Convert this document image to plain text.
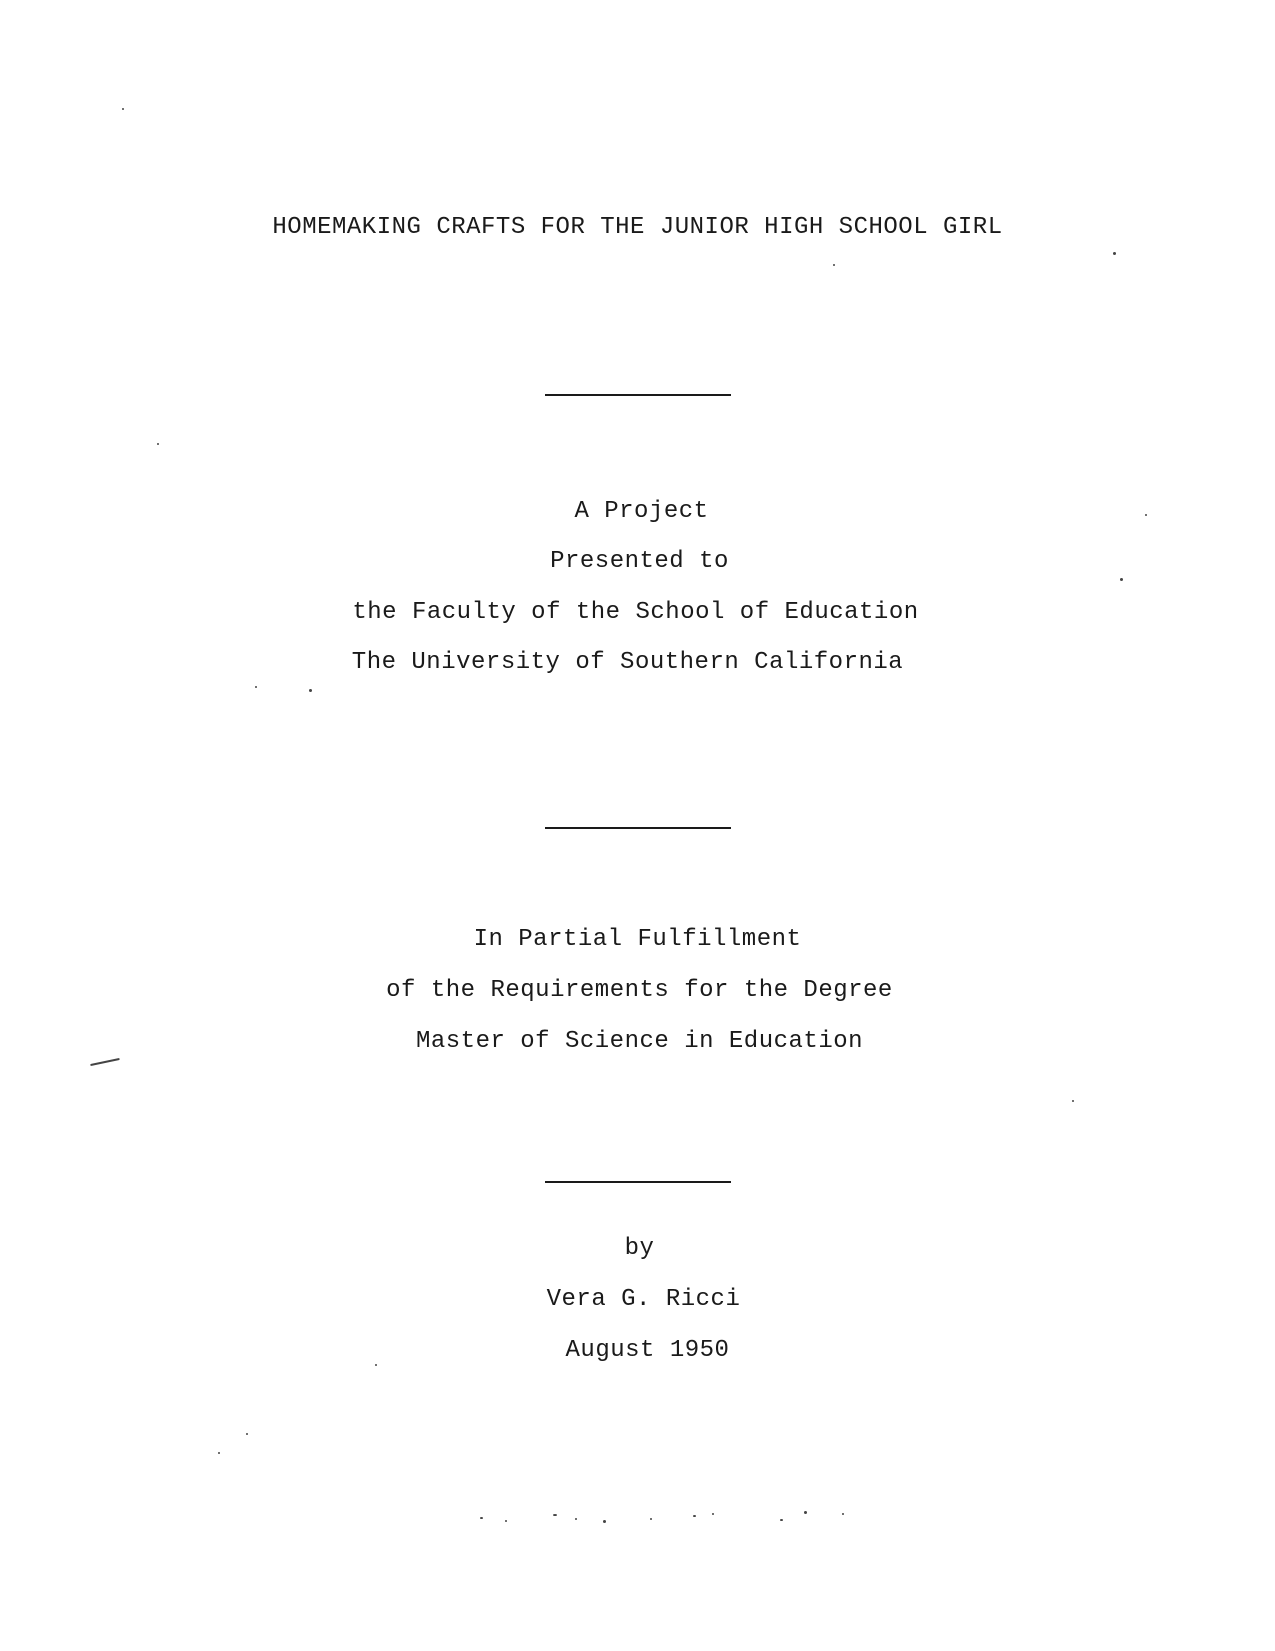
HOMEMAKING CRAFTS FOR THE JUNIOR HIGH SCHOOL GIRL
A Project
Presented to
the Faculty of the School of Education
The University of Southern California
In Partial Fulfillment
of the Requirements for the Degree
Master of Science in Education
by
Vera G. Ricci
August 1950
